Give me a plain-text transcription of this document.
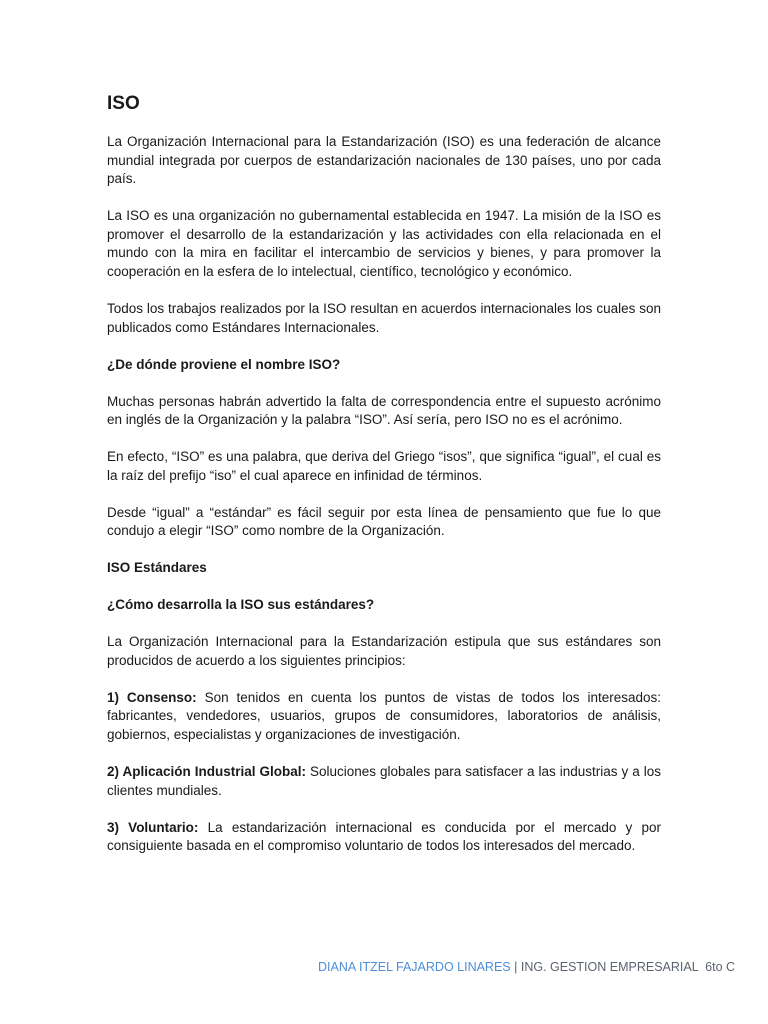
ISO

La Organización Internacional para la Estandarización (ISO) es una federación de alcance mundial integrada por cuerpos de estandarización nacionales de 130 países, uno por cada país.

La ISO es una organización no gubernamental establecida en 1947. La misión de la ISO es promover el desarrollo de la estandarización y las actividades con ella relacionada en el mundo con la mira en facilitar el intercambio de servicios y bienes, y para promover la cooperación en la esfera de lo intelectual, científico, tecnológico y económico.

Todos los trabajos realizados por la ISO resultan en acuerdos internacionales los cuales son publicados como Estándares Internacionales.

¿De dónde proviene el nombre ISO?

Muchas personas habrán advertido la falta de correspondencia entre el supuesto acrónimo en inglés de la Organización y la palabra “ISO”. Así sería, pero ISO no es el acrónimo.

En efecto, “ISO” es una palabra, que deriva del Griego “isos”, que significa “igual”, el cual es la raíz del prefijo “iso” el cual aparece en infinidad de términos.

Desde “igual” a “estándar” es fácil seguir por esta línea de pensamiento que fue lo que condujo a elegir “ISO” como nombre de la Organización.

ISO Estándares

¿Cómo desarrolla la ISO sus estándares?

La Organización Internacional para la Estandarización estipula que sus estándares son producidos de acuerdo a los siguientes principios:

1) Consenso: Son tenidos en cuenta los puntos de vistas de todos los interesados: fabricantes, vendedores, usuarios, grupos de consumidores, laboratorios de análisis, gobiernos, especialistas y organizaciones de investigación.

2) Aplicación Industrial Global: Soluciones globales para satisfacer a las industrias y a los clientes mundiales.

3) Voluntario: La estandarización internacional es conducida por el mercado y por consiguiente basada en el compromiso voluntario de todos los interesados del mercado.

DIANA ITZEL FAJARDO LINARES | ING. GESTION EMPRESARIAL  6to C
